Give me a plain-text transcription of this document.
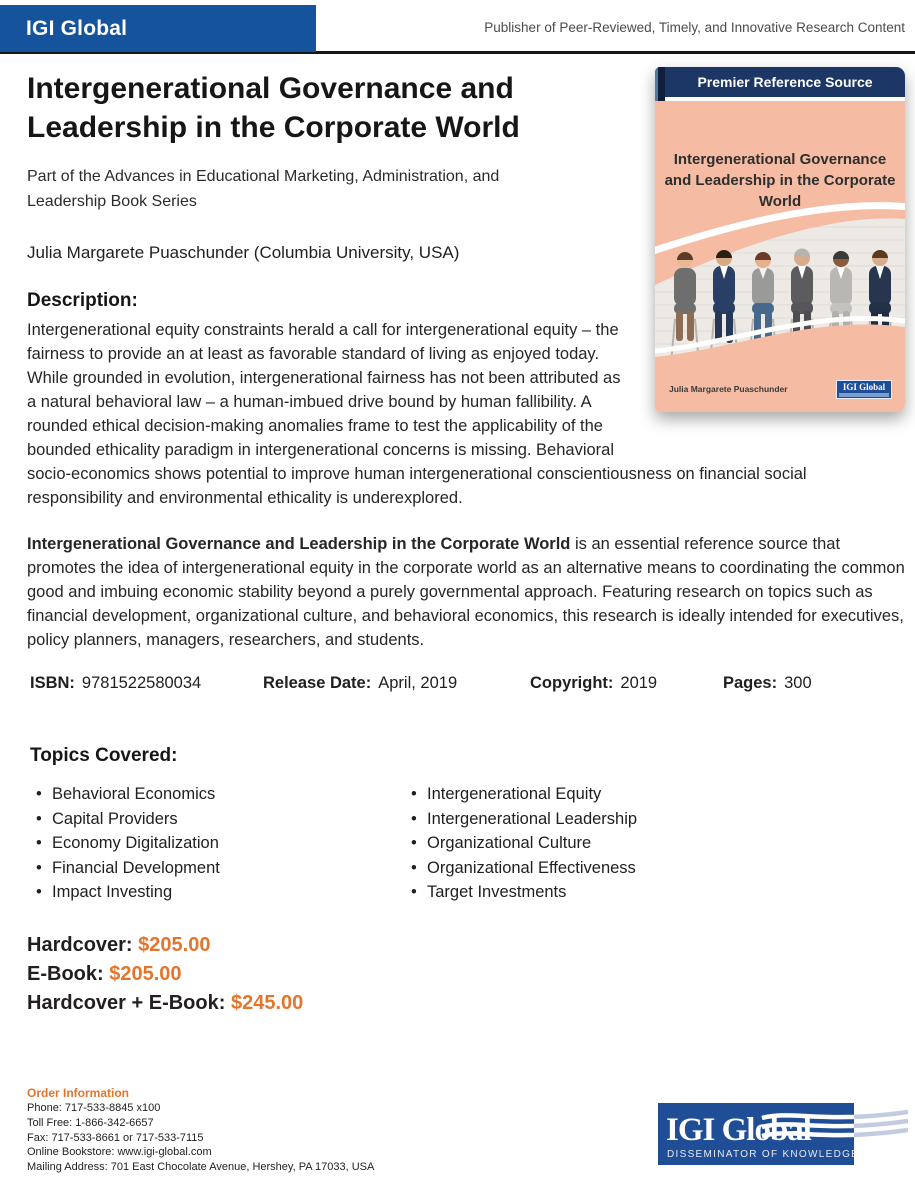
IGI Global	Publisher of Peer-Reviewed, Timely, and Innovative Research Content
Premier Reference Source
Intergenerational Governance and Leadership in the Corporate World
Julia Margarete Puaschunder	IGI Global
Intergenerational Governance and Leadership in the Corporate World
Part of the Advances in Educational Marketing, Administration, and Leadership Book Series
Julia Margarete Puaschunder (Columbia University, USA)
Description:

Intergenerational equity constraints herald a call for intergenerational equity – the fairness to provide an at least as favorable standard of living as enjoyed today. While grounded in evolution, intergenerational fairness has not been attributed as a natural behavioral law – a human-imbued drive bound by human fallibility. A rounded ethical decision-making anomalies frame to test the applicability of the bounded ethicality paradigm in intergenerational concerns is missing. Behavioral socio-economics shows potential to improve human intergenerational conscientiousness on financial social responsibility and environmental ethicality is underexplored.

Intergenerational Governance and Leadership in the Corporate World is an essential reference source that promotes the idea of intergenerational equity in the corporate world as an alternative means to coordinating the common good and imbuing economic stability beyond a purely governmental approach. Featuring research on topics such as financial development, organizational culture, and behavioral economics, this research is ideally intended for executives, policy planners, managers, researchers, and students.

ISBN: 9781522580034	Release Date: April, 2019	Copyright: 2019	Pages: 300
Topics Covered:
• Behavioral Economics
• Capital Providers
• Economy Digitalization
• Financial Development
• Impact Investing
• Intergenerational Equity
• Intergenerational Leadership
• Organizational Culture
• Organizational Effectiveness
• Target Investments
Hardcover: $205.00
E-Book: $205.00
Hardcover + E-Book: $245.00
Order Information
Phone: 717-533-8845 x100
Toll Free: 1-866-342-6657
Fax: 717-533-8661 or 717-533-7115
Online Bookstore: www.igi-global.com
Mailing Address: 701 East Chocolate Avenue, Hershey, PA 17033, USA
IGI Global
DISSEMINATOR OF KNOWLEDGE
